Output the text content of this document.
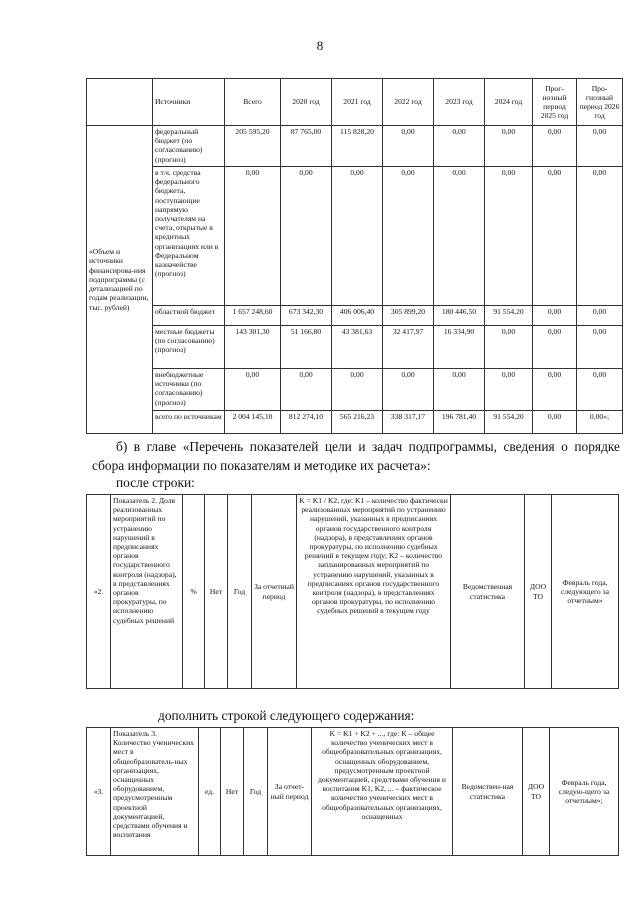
8
	Источники	Всего	2020 год	2021 год	2022 год	2023 год	2024 год	Прог-нозный период 2025 год	Про-гнозный период 2026 год
«Объем и источники финансирова-ния подпрограммы (с детализацией по годам реализации, тыс. рублей)	федеральный бюджет (по согласованию) (прогноз)	205 595,20	87 765,00	115 828,20	0,00	0,00	0,00	0,00	0,00
	в т.ч. средства федерального бюджета, поступающие напрямую получателям на счета, открытые в кредитных организациях или в Федеральном казначействе (прогноз)	0,00	0,00	0,00	0,00	0,00	0,00	0,00	0,00
	областной бюджет	1 657 248,60	673 342,30	406 006,40	305 899,20	180 446,50	91 554,20	0,00	0,00
	местные бюджеты (по согласованию) (прогноз)	143 301,30	51 166,80	43 381,63	32 417,97	16 334,90	0,00	0,00	0,00
	внебюджетные источники (по согласованию) (прогноз)	0,00	0,00	0,00	0,00	0,00	0,00	0,00	0,00
	всего по источникам	2 004 145,10	812 274,10	565 216,23	338 317,17	196 781,40	91 554,20	0,00	0,00»;
б) в главе «Перечень показателей цели и задач подпрограммы, сведения о порядке сбора информации по показателям и методике их расчета»:
после строки:
«2.	Показатель 2. Доля реализованных мероприятий по устранению нарушений в предписаниях органов государственного контроля (надзора), в представлениях органов прокуратуры, по исполнению судебных решений	%	Нет	Год	За отчетный период	K = K1 / K2, где: K1 – количество фактически реализованных мероприятий по устранению нарушений, указанных в предписаниях органов государственного контроля (надзора), в представлениях органов прокуратуры, по исполнению судебных решений в текущем году; K2 – количество запланированных мероприятий по устранению нарушений, указанных в предписаниях органов государственного контроля (надзора), в представлениях органов прокуратуры, по исполнению судебных решений в текущем году	Ведомственная статистика	ДОО ТО	Февраль года, следующего за отчетным»
дополнить строкой следующего содержания:
«3.	Показатель 3. Количество ученических мест в общеобразователь-ных организациях, оснащенных оборудованием, предусмотренным проектной документацией, средствами обучения и воспитания	ед.	Нет	Год	За отчет-ный период	K = K1 + K2 + ..., где: K – общее количество ученических мест в общеобразовательных организациях, оснащенных оборудованием, предусмотренным проектной документацией, средствами обучения и воспитания K1, K2, ... – фактическое количество ученических мест в общеобразовательных организациях, оснащенных	Ведомствен-ная статистика	ДОО ТО	Февраль года, следую-щего за отчетным»;
